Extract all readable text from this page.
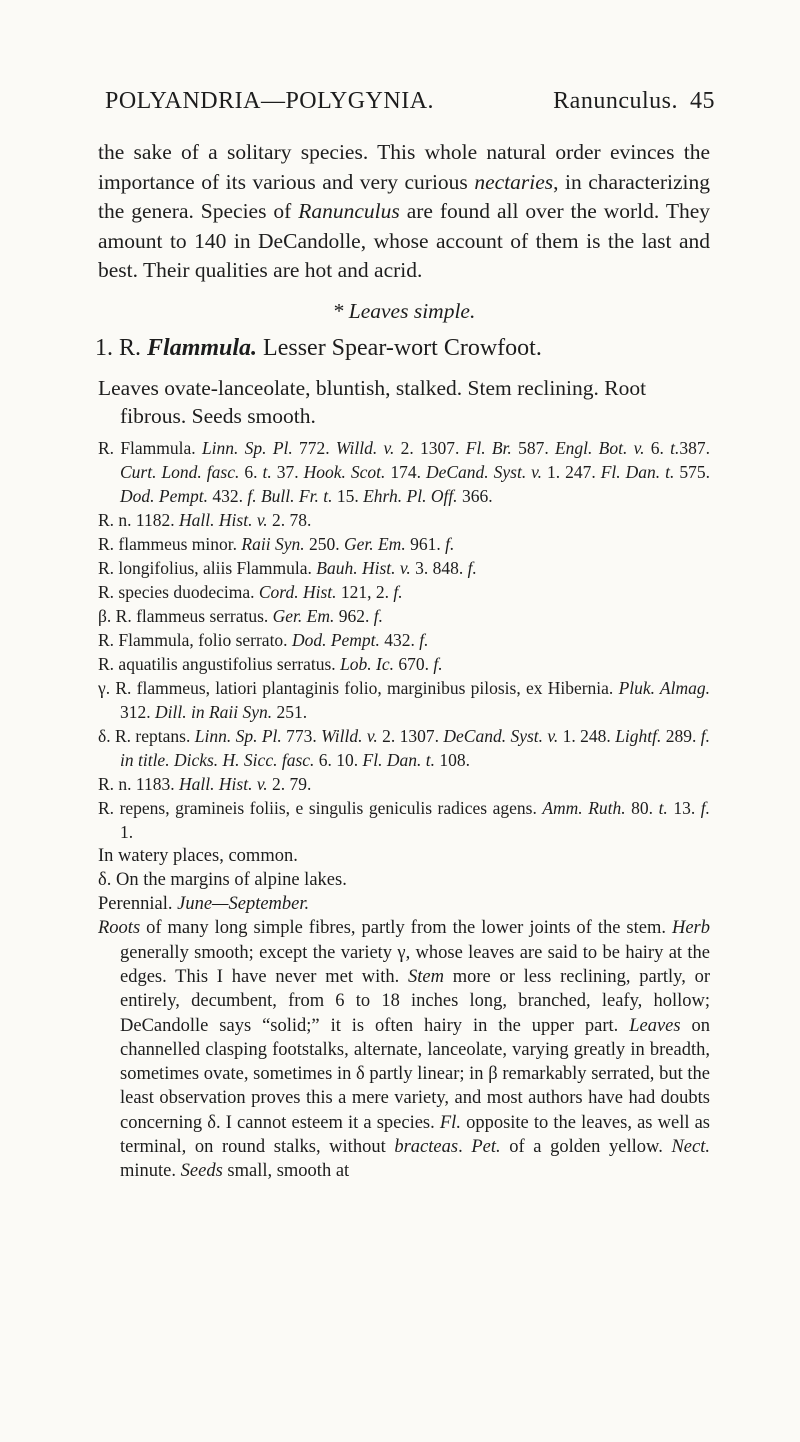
POLYANDRIA—POLYGYNIA.	Ranunculus. 45

the sake of a solitary species. This whole natural order evinces the importance of its various and very curious nectaries, in characterizing the genera. Species of Ranunculus are found all over the world. They amount to 140 in DeCandolle, whose account of them is the last and best. Their qualities are hot and acrid.

* Leaves simple.
1. R. Flammula. Lesser Spear-wort Crowfoot.
Leaves ovate-lanceolate, bluntish, stalked. Stem reclining. Root fibrous. Seeds smooth.
R. Flammula. Linn. Sp. Pl. 772. Willd. v. 2. 1307. Fl. Br. 587. Engl. Bot. v. 6. t.387. Curt. Lond. fasc. 6. t. 37. Hook. Scot. 174. DeCand. Syst. v. 1. 247. Fl. Dan. t. 575. Dod. Pempt. 432. f. Bull. Fr. t. 15. Ehrh. Pl. Off. 366.
R. n. 1182. Hall. Hist. v. 2. 78.
R. flammeus minor. Raii Syn. 250. Ger. Em. 961. f.
R. longifolius, aliis Flammula. Bauh. Hist. v. 3. 848. f.
R. species duodecima. Cord. Hist. 121, 2. f.
β. R. flammeus serratus. Ger. Em. 962. f.
R. Flammula, folio serrato. Dod. Pempt. 432. f.
R. aquatilis angustifolius serratus. Lob. Ic. 670. f.
γ. R. flammeus, latiori plantaginis folio, marginibus pilosis, ex Hibernia. Pluk. Almag. 312. Dill. in Raii Syn. 251.
δ. R. reptans. Linn. Sp. Pl. 773. Willd. v. 2. 1307. DeCand. Syst. v. 1. 248. Lightf. 289. f. in title. Dicks. H. Sicc. fasc. 6. 10. Fl. Dan. t. 108.
R. n. 1183. Hall. Hist. v. 2. 79.
R. repens, gramineis foliis, e singulis geniculis radices agens. Amm. Ruth. 80. t. 13. f. 1.
In watery places, common.
δ. On the margins of alpine lakes.
Perennial. June—September.
Roots of many long simple fibres, partly from the lower joints of the stem. Herb generally smooth; except the variety γ, whose leaves are said to be hairy at the edges. This I have never met with. Stem more or less reclining, partly, or entirely, decumbent, from 6 to 18 inches long, branched, leafy, hollow; DeCandolle says “solid;” it is often hairy in the upper part. Leaves on channelled clasping footstalks, alternate, lanceolate, varying greatly in breadth, sometimes ovate, sometimes in δ partly linear; in β remarkably serrated, but the least observation proves this a mere variety, and most authors have had doubts concerning δ. I cannot esteem it a species. Fl. opposite to the leaves, as well as terminal, on round stalks, without bracteas. Pet. of a golden yellow. Nect. minute. Seeds small, smooth at
